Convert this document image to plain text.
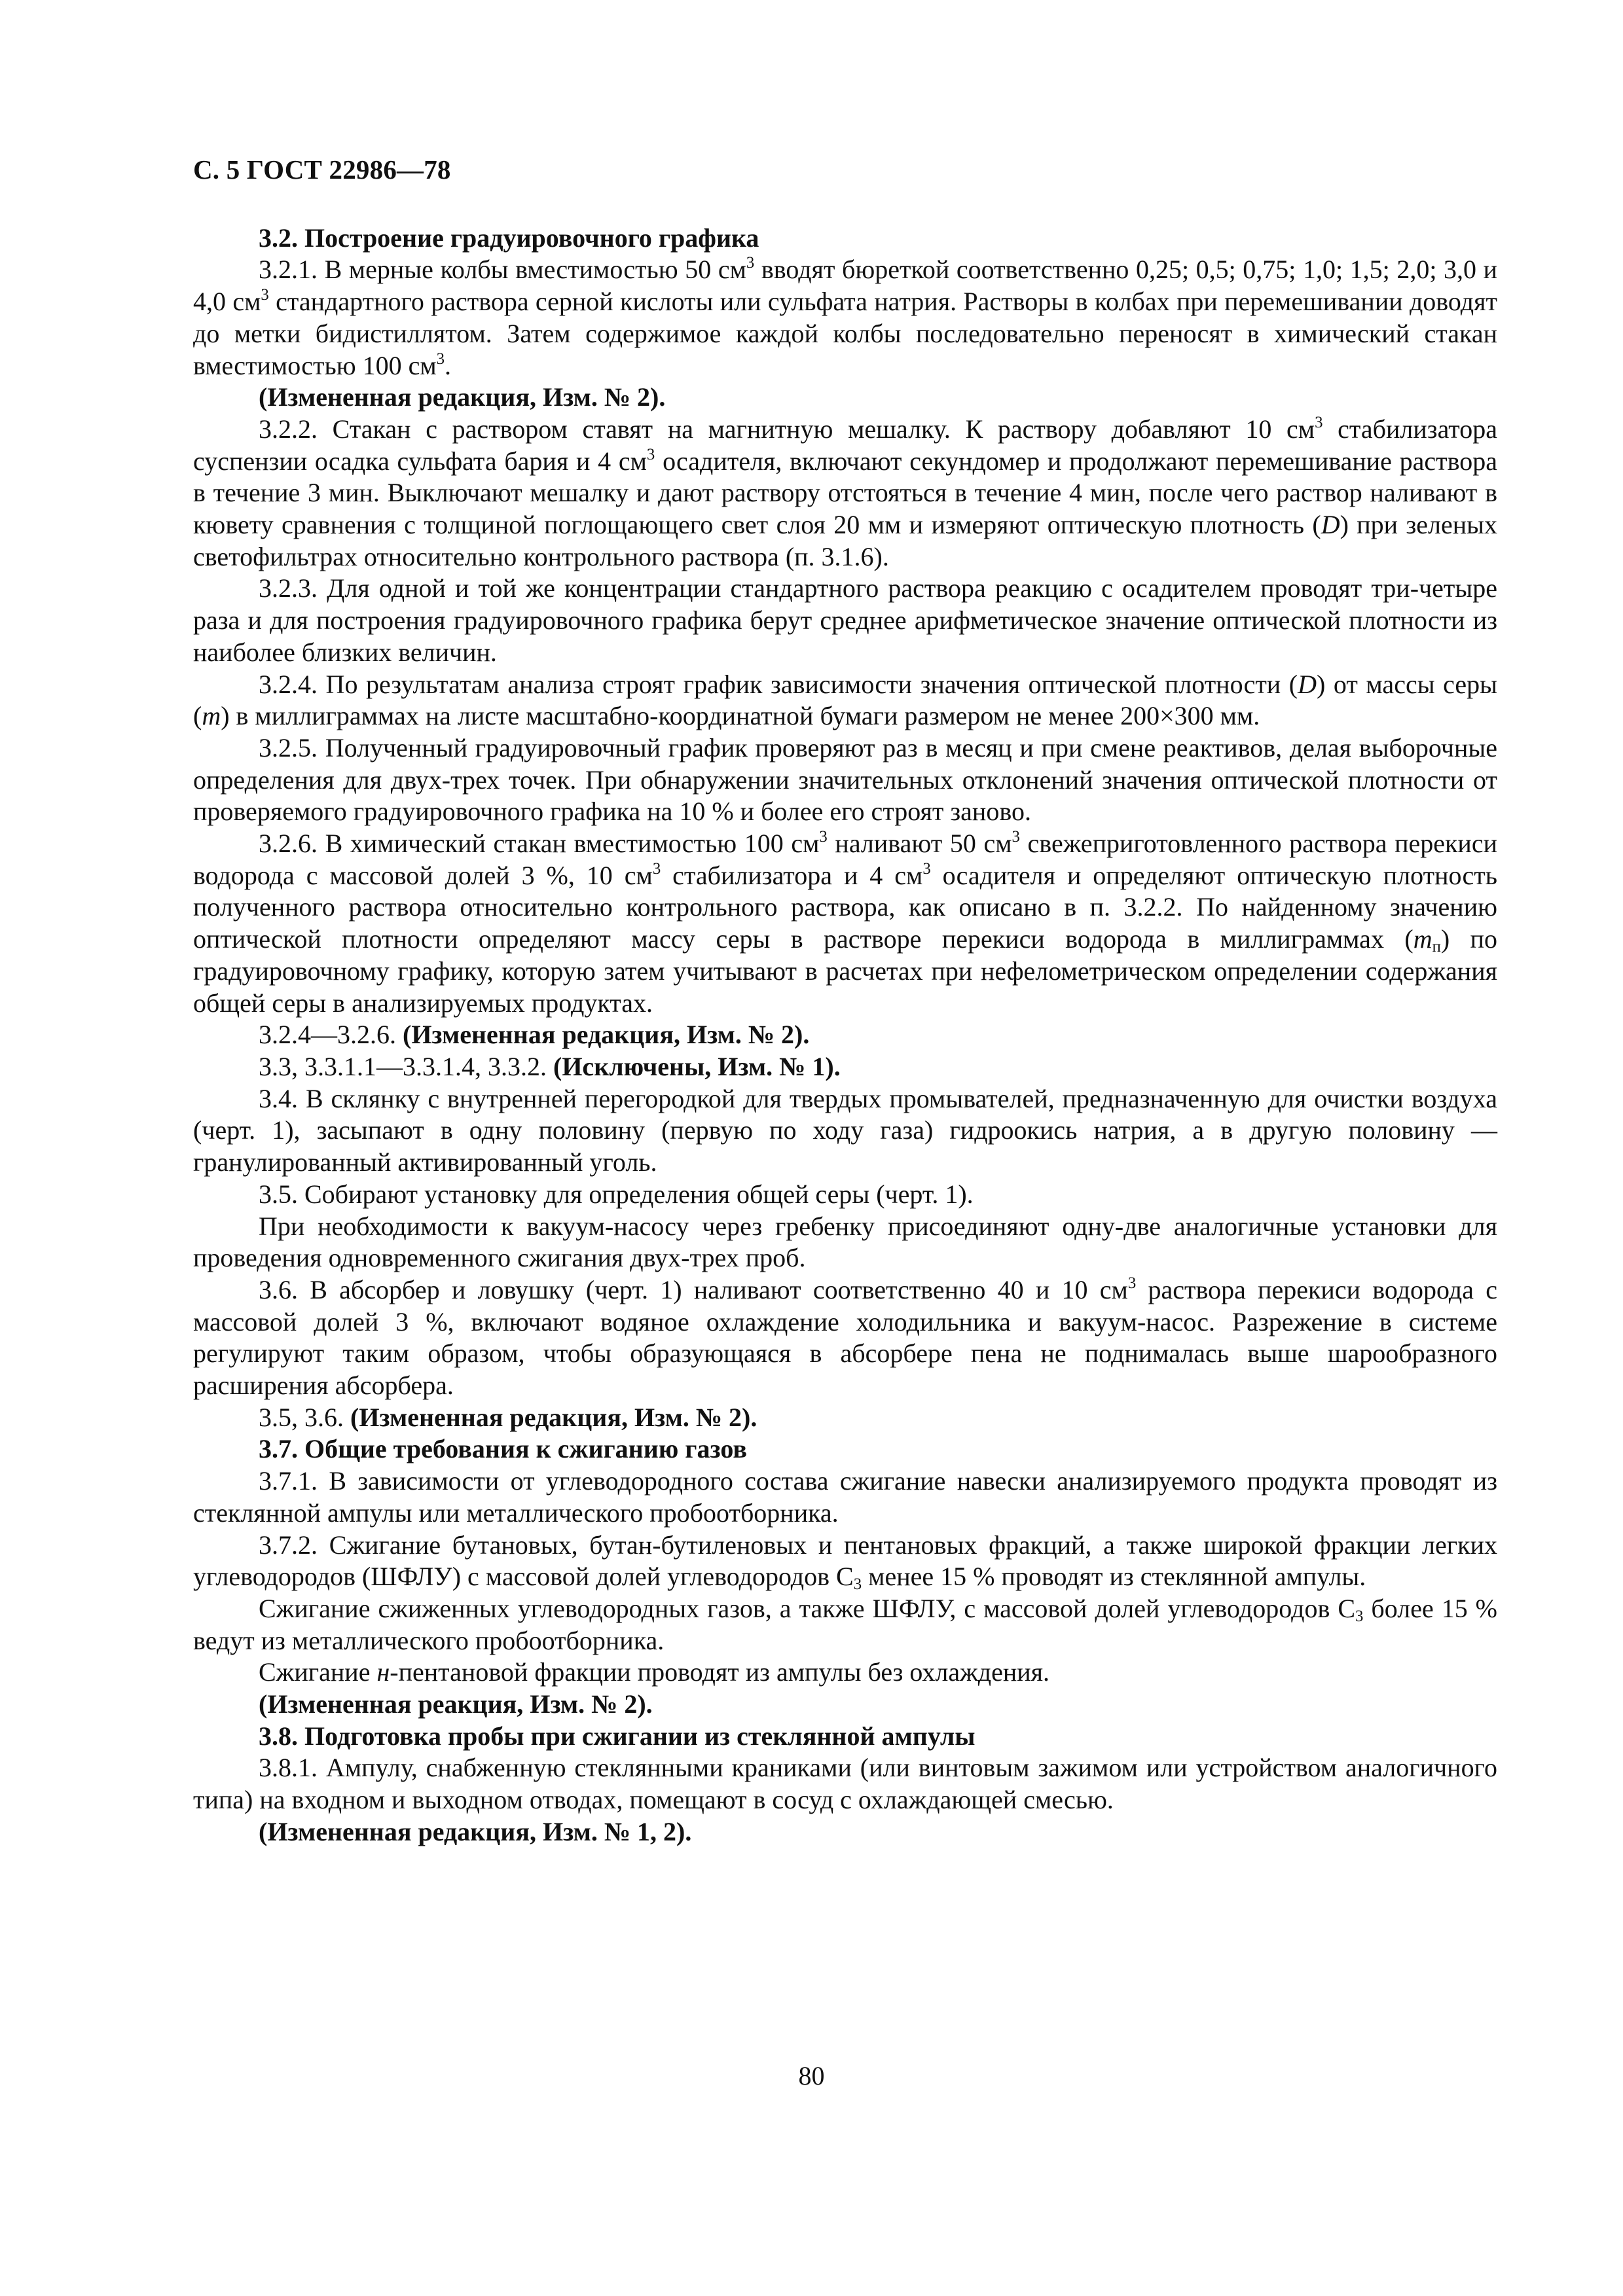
С. 5 ГОСТ 22986—78

3.2. Построение градуировочного графика

3.2.1. В мерные колбы вместимостью 50 $см^3$ вводят бюреткой соответственно 0,25; 0,5; 0,75; 1,0; 1,5; 2,0; 3,0 и 4,0 $см^3$ стандартного раствора серной кислоты или сульфата натрия. Растворы в колбах при перемешивании доводят до метки бидистиллятом. Затем содержимое каждой колбы последовательно переносят в химический стакан вместимостью 100 $см^3$.

(Измененная редакция, Изм. № 2).

3.2.2. Стакан с раствором ставят на магнитную мешалку. К раствору добавляют 10 $см^3$ стабилизатора суспензии осадка сульфата бария и 4 $см^3$ осадителя, включают секундомер и продолжают перемешивание раствора в течение 3 мин. Выключают мешалку и дают раствору отстояться в течение 4 мин, после чего раствор наливают в кювету сравнения с толщиной поглощающего свет слоя 20 мм и измеряют оптическую плотность (D) при зеленых светофильтрах относительно контрольного раствора (п. 3.1.6).

3.2.3. Для одной и той же концентрации стандартного раствора реакцию с осадителем проводят три-четыре раза и для построения градуировочного графика берут среднее арифметическое значение оптической плотности из наиболее близких величин.

3.2.4. По результатам анализа строят график зависимости значения оптической плотности (D) от массы серы (m) в миллиграммах на листе масштабно-координатной бумаги размером не менее 200×300 мм.

3.2.5. Полученный градуировочный график проверяют раз в месяц и при смене реактивов, делая выборочные определения для двух-трех точек. При обнаружении значительных отклонений значения оптической плотности от проверяемого градуировочного графика на 10 % и более его строят заново.

3.2.6. В химический стакан вместимостью 100 $см^3$ наливают 50 $см^3$ свежеприготовленного раствора перекиси водорода с массовой долей 3 %, 10 $см^3$ стабилизатора и 4 $см^3$ осадителя и определяют оптическую плотность полученного раствора относительно контрольного раствора, как описано в п. 3.2.2. По найденному значению оптической плотности определяют массу серы в растворе перекиси водорода в миллиграммах $(m_п)$ по градуировочному графику, которую затем учитывают в расчетах при нефелометрическом определении содержания общей серы в анализируемых продуктах.

3.2.4—3.2.6. (Измененная редакция, Изм. № 2).

3.3, 3.3.1.1—3.3.1.4, 3.3.2. (Исключены, Изм. № 1).

3.4. В склянку с внутренней перегородкой для твердых промывателей, предназначенную для очистки воздуха (черт. 1), засыпают в одну половину (первую по ходу газа) гидроокись натрия, а в другую половину — гранулированный активированный уголь.

3.5. Собирают установку для определения общей серы (черт. 1).

При необходимости к вакуум-насосу через гребенку присоединяют одну-две аналогичные установки для проведения одновременного сжигания двух-трех проб.

3.6. В абсорбер и ловушку (черт. 1) наливают соответственно 40 и 10 $см^3$ раствора перекиси водорода с массовой долей 3 %, включают водяное охлаждение холодильника и вакуум-насос. Разрежение в системе регулируют таким образом, чтобы образующаяся в абсорбере пена не поднималась выше шарообразного расширения абсорбера.

3.5, 3.6. (Измененная редакция, Изм. № 2).

3.7. Общие требования к сжиганию газов

3.7.1. В зависимости от углеводородного состава сжигание навески анализируемого продукта проводят из стеклянной ампулы или металлического пробоотборника.

3.7.2. Сжигание бутановых, бутан-бутиленовых и пентановых фракций, а также широкой фракции легких углеводородов (ШФЛУ) с массовой долей углеводородов $С_3$ менее 15 % проводят из стеклянной ампулы.

Сжигание сжиженных углеводородных газов, а также ШФЛУ, с массовой долей углеводородов $С_3$ более 15 % ведут из металлического пробоотборника.

Сжигание н-пентановой фракции проводят из ампулы без охлаждения.

(Измененная реакция, Изм. № 2).

3.8. Подготовка пробы при сжигании из стеклянной ампулы

3.8.1. Ампулу, снабженную стеклянными краниками (или винтовым зажимом или устройством аналогичного типа) на входном и выходном отводах, помещают в сосуд с охлаждающей смесью.

(Измененная редакция, Изм. № 1, 2).

80
